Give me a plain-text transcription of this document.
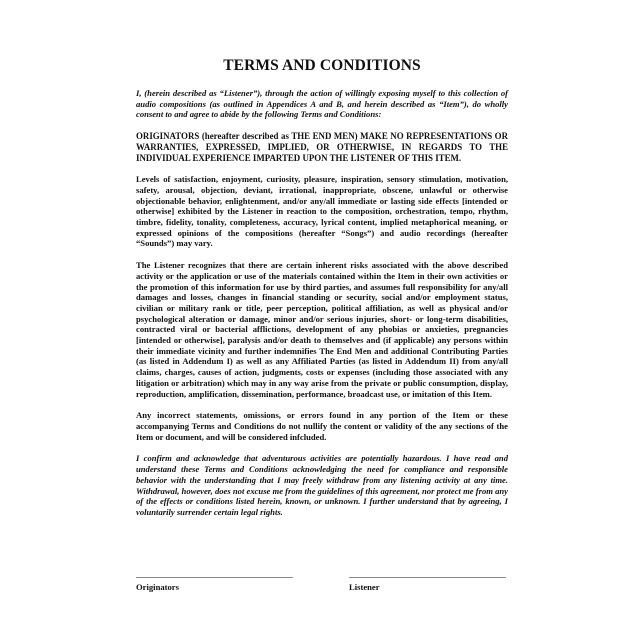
TERMS AND CONDITIONS

I, (herein described as “Listener”), through the action of willingly exposing myself to this collection of audio compositions (as outlined in Appendices A and B, and herein described as “Item”), do wholly consent to and agree to abide by the following Terms and Conditions:

ORIGINATORS (hereafter described as THE END MEN) MAKE NO REPRESENTATIONS OR WARRANTIES, EXPRESSED, IMPLIED, OR OTHERWISE, IN REGARDS TO THE INDIVIDUAL EXPERIENCE IMPARTED UPON THE LISTENER OF THIS ITEM.

Levels of satisfaction, enjoyment, curiosity, pleasure, inspiration, sensory stimulation, motivation, safety, arousal, objection, deviant, irrational, inappropriate, obscene, unlawful or otherwise objectionable behavior, enlightenment, and/or any/all immediate or lasting side effects [intended or otherwise] exhibited by the Listener in reaction to the composition, orchestration, tempo, rhythm, timbre, fidelity, tonality, completeness, accuracy, lyrical content, implied metaphorical meaning, or expressed opinions of the compositions (hereafter “Songs”) and audio recordings (hereafter “Sounds”) may vary.

The Listener recognizes that there are certain inherent risks associated with the above described activity or the application or use of the materials contained within the Item in their own activities or the promotion of this information for use by third parties, and assumes full responsibility for any/all damages and losses, changes in financial standing or security, social and/or employment status, civilian or military rank or title, peer perception, political affiliation, as well as physical and/or psychological alteration or damage, minor and/or serious injuries, short- or long-term disabilities, contracted viral or bacterial afflictions, development of any phobias or anxieties, pregnancies [intended or otherwise], paralysis and/or death to themselves and (if applicable) any persons within their immediate vicinity and further indemnifies The End Men and additional Contributing Parties (as listed in Addendum I) as well as any Affiliated Parties (as listed in Addendum II) from any/all claims, charges, causes of action, judgments, costs or expenses (including those associated with any litigation or arbitration) which may in any way arise from the private or public consumption, display, reproduction, amplification, dissemination, performance, broadcast use, or imitation of this Item.

Any incorrect statements, omissions, or errors found in any portion of the Item or these accompanying Terms and Conditions do not nullify the content or validity of the any sections of the Item or document, and will be considered infcluded.

I confirm and acknowledge that adventurous activities are potentially hazardous. I have read and understand these Terms and Conditions acknowledging the need for compliance and responsible behavior with the understanding that I may freely withdraw from any listening activity at any time. Withdrawal, however, does not excuse me from the guidelines of this agreement, nor protect me from any of the effects or conditions listed herein, known, or unknown. I further understand that by agreeing, I voluntarily surrender certain legal rights.

Originators	Listener
